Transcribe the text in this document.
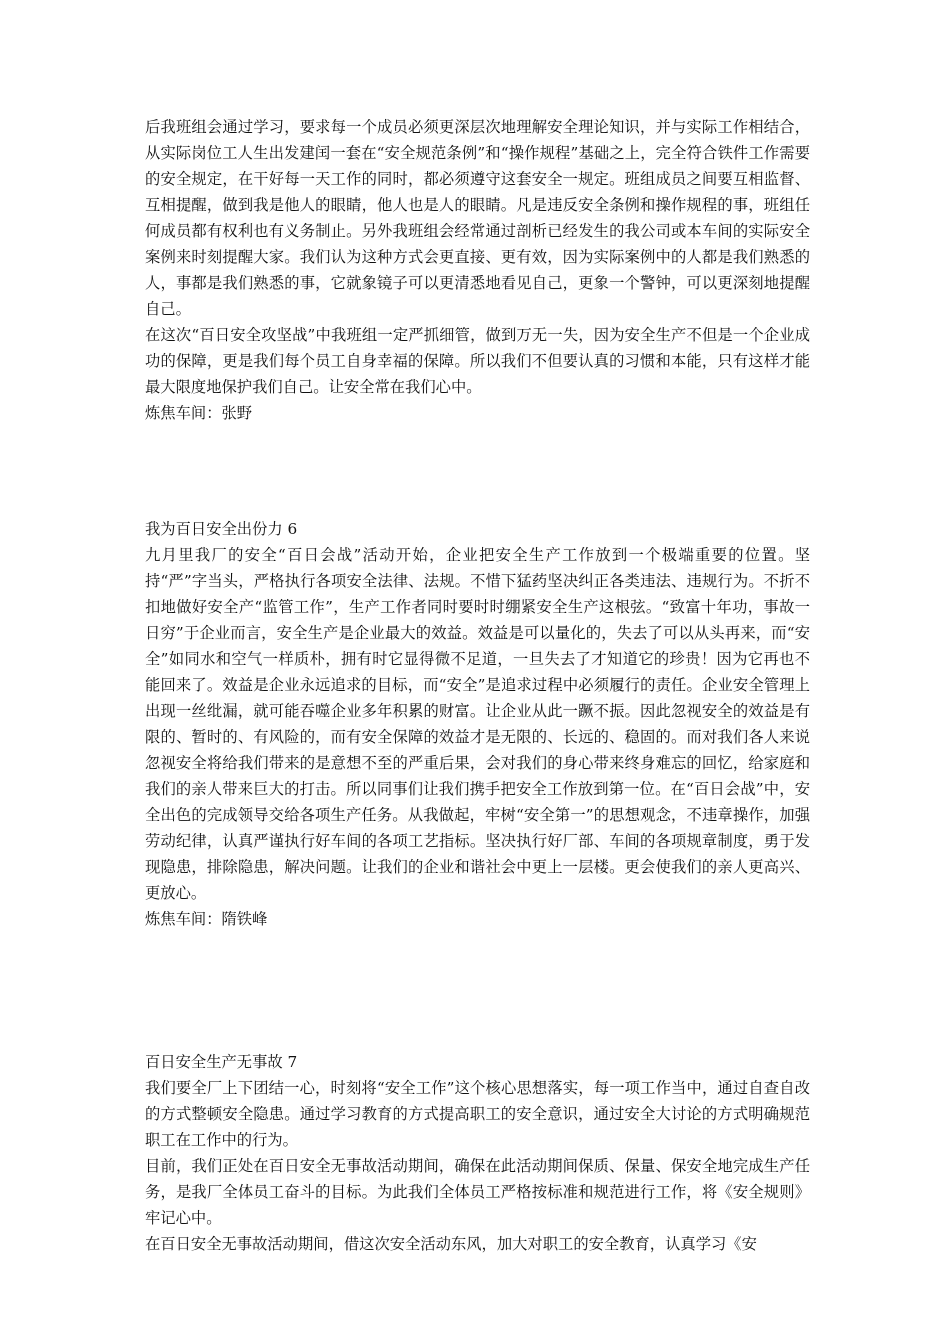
后我班组会通过学习，要求每一个成员必须更深层次地理解安全理论知识，并与实际工作相结合，从实际岗位工人生出发建闰一套在“安全规范条例”和“操作规程”基础之上，完全符合铁件工作需要的安全规定，在干好每一天工作的同时，都必须遵守这套安全一规定。班组成员之间要互相监督、互相提醒，做到我是他人的眼睛，他人也是人的眼睛。凡是违反安全条例和操作规程的事，班组任何成员都有权利也有义务制止。另外我班组会经常通过剖析已经发生的我公司或本车间的实际安全案例来时刻提醒大家。我们认为这种方式会更直接、更有效，因为实际案例中的人都是我们熟悉的人，事都是我们熟悉的事，它就象镜子可以更清悉地看见自己，更象一个警钟，可以更深刻地提醒自己。

在这次“百日安全攻坚战”中我班组一定严抓细管，做到万无一失，因为安全生产不但是一个企业成功的保障，更是我们每个员工自身幸福的保障。所以我们不但要认真的习惯和本能，只有这样才能最大限度地保护我们自己。让安全常在我们心中。

炼焦车间：张野

我为百日安全出份力 6

九月里我厂的安全“百日会战”活动开始，企业把安全生产工作放到一个极端重要的位置。坚持“严”字当头，严格执行各项安全法律、法规。不惜下猛药坚决纠正各类违法、违规行为。不折不扣地做好安全产“监管工作”，生产工作者同时要时时绷紧安全生产这根弦。“致富十年功，事故一日穷”于企业而言，安全生产是企业最大的效益。效益是可以量化的，失去了可以从头再来，而“安全”如同水和空气一样质朴，拥有时它显得微不足道，一旦失去了才知道它的珍贵！因为它再也不能回来了。效益是企业永远追求的目标，而“安全”是追求过程中必须履行的责任。企业安全管理上出现一丝纰漏，就可能吞噬企业多年积累的财富。让企业从此一蹶不振。因此忽视安全的效益是有限的、暂时的、有风险的，而有安全保障的效益才是无限的、长远的、稳固的。而对我们各人来说忽视安全将给我们带来的是意想不至的严重后果，会对我们的身心带来终身难忘的回忆，给家庭和我们的亲人带来巨大的打击。所以同事们让我们携手把安全工作放到第一位。在“百日会战”中，安全出色的完成领导交给各项生产任务。从我做起，牢树“安全第一”的思想观念，不违章操作，加强劳动纪律，认真严谨执行好车间的各项工艺指标。坚决执行好厂部、车间的各项规章制度，勇于发现隐患，排除隐患，解决问题。让我们的企业和谐社会中更上一层楼。更会使我们的亲人更高兴、更放心。

炼焦车间：隋铁峰

百日安全生产无事故 7

我们要全厂上下团结一心，时刻将“安全工作”这个核心思想落实，每一项工作当中，通过自查自改的方式整顿安全隐患。通过学习教育的方式提高职工的安全意识，通过安全大讨论的方式明确规范职工在工作中的行为。

目前，我们正处在百日安全无事故活动期间，确保在此活动期间保质、保量、保安全地完成生产任务，是我厂全体员工奋斗的目标。为此我们全体员工严格按标准和规范进行工作，将《安全规则》牢记心中。

在百日安全无事故活动期间，借这次安全活动东风，加大对职工的安全教育，认真学习《安
